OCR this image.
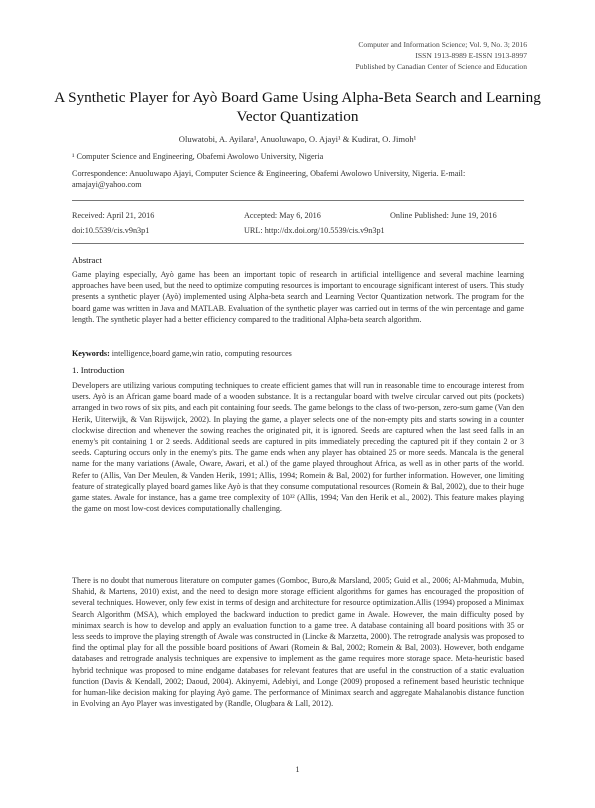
Computer and Information Science; Vol. 9, No. 3; 2016
ISSN 1913-8989 E-ISSN 1913-8997
Published by Canadian Center of Science and Education
A Synthetic Player for Ayò Board Game Using Alpha-Beta Search and Learning Vector Quantization
Oluwatobi, A. Ayilara¹, Anuoluwapo, O. Ajayi¹ & Kudirat, O. Jimoh¹
¹ Computer Science and Engineering, Obafemi Awolowo University, Nigeria
Correspondence: Anuoluwapo Ajayi, Computer Science & Engineering, Obafemi Awolowo University, Nigeria. E-mail: amajayi@yahoo.com
Received: April 21, 2016	Accepted: May 6, 2016	Online Published: June 19, 2016
doi:10.5539/cis.v9n3p1	URL: http://dx.doi.org/10.5539/cis.v9n3p1
Abstract
Game playing especially, Ayò game has been an important topic of research in artificial intelligence and several machine learning approaches have been used, but the need to optimize computing resources is important to encourage significant interest of users. This study presents a synthetic player (Ayò) implemented using Alpha-beta search and Learning Vector Quantization network. The program for the board game was written in Java and MATLAB. Evaluation of the synthetic player was carried out in terms of the win percentage and game length. The synthetic player had a better efficiency compared to the traditional Alpha-beta search algorithm.
Keywords: intelligence,board game,win ratio, computing resources
1. Introduction
Developers are utilizing various computing techniques to create efficient games that will run in reasonable time to encourage interest from users. Ayò is an African game board made of a wooden substance. It is a rectangular board with twelve circular carved out pits (pockets) arranged in two rows of six pits, and each pit containing four seeds. The game belongs to the class of two-person, zero-sum game (Van den Herik, Uiterwijk, & Van Rijswijck, 2002). In playing the game, a player selects one of the non-empty pits and starts sowing in a counter clockwise direction and whenever the sowing reaches the originated pit, it is ignored. Seeds are captured when the last seed falls in an enemy's pit containing 1 or 2 seeds. Additional seeds are captured in pits immediately preceding the captured pit if they contain 2 or 3 seeds. Capturing occurs only in the enemy's pits. The game ends when any player has obtained 25 or more seeds. Mancala is the general name for the many variations (Awale, Oware, Awari, et al.) of the game played throughout Africa, as well as in other parts of the world. Refer to (Allis, Van Der Meulen, & Vanden Herik, 1991; Allis, 1994; Romein & Bal, 2002) for further information. However, one limiting feature of strategically played board games like Ayò is that they consume computational resources (Romein & Bal, 2002), due to their huge game states. Awale for instance, has a game tree complexity of 10³² (Allis, 1994; Van den Herik et al., 2002). This feature makes playing the game on most low-cost devices computationally challenging.
There is no doubt that numerous literature on computer games (Gomboc, Buro,& Marsland, 2005; Guid et al., 2006; Al-Mahmuda, Mubin, Shahid, & Martens, 2010) exist, and the need to design more storage efficient algorithms for games has encouraged the proposition of several techniques. However, only few exist in terms of design and architecture for resource optimization.Allis (1994) proposed a Minimax Search Algorithm (MSA), which employed the backward induction to predict game in Awale. However, the main difficulty posed by minimax search is how to develop and apply an evaluation function to a game tree. A database containing all board positions with 35 or less seeds to improve the playing strength of Awale was constructed in (Lincke & Marzetta, 2000). The retrograde analysis was proposed to find the optimal play for all the possible board positions of Awari (Romein & Bal, 2002; Romein & Bal, 2003). However, both endgame databases and retrograde analysis techniques are expensive to implement as the game requires more storage space. Meta-heuristic based hybrid technique was proposed to mine endgame databases for relevant features that are useful in the construction of a static evaluation function (Davis & Kendall, 2002; Daoud, 2004). Akinyemi, Adebiyi, and Longe (2009) proposed a refinement based heuristic technique for human-like decision making for playing Ayò game. The performance of Minimax search and aggregate Mahalanobis distance function in Evolving an Ayo Player was investigated by (Randle, Olugbara & Lall, 2012).
1
